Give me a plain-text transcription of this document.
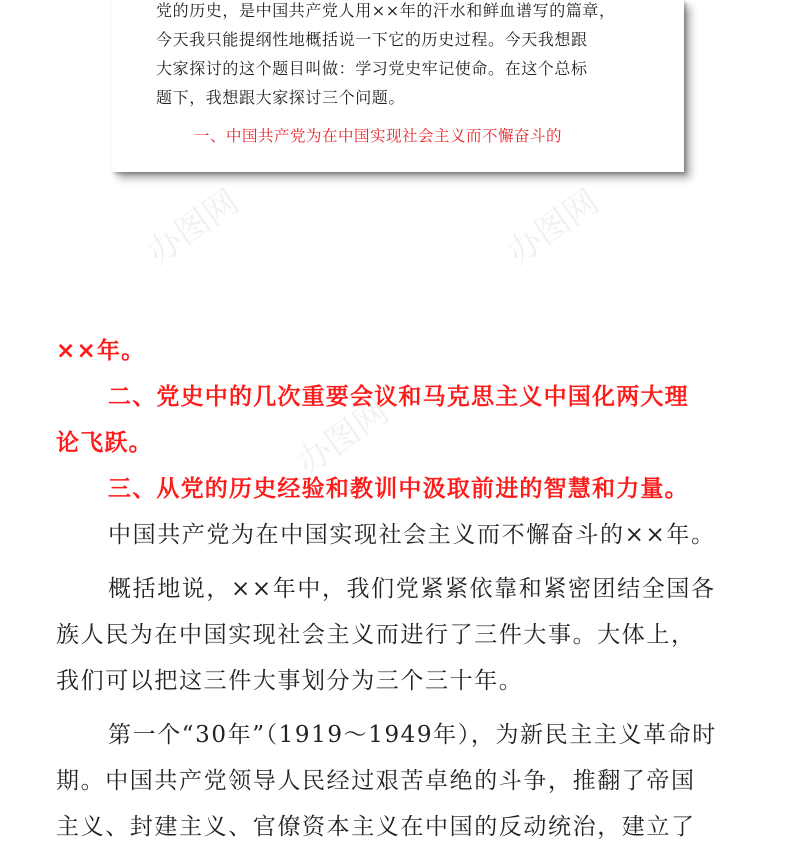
党的历史，是中国共产党人用××年的汗水和鲜血谱写的篇章，
今天我只能提纲性地概括说一下它的历史过程。今天我想跟
大家探讨的这个题目叫做：学习党史牢记使命。在这个总标
题下，我想跟大家探讨三个问题。
一、中国共产党为在中国实现社会主义而不懈奋斗的
办图网	办图网
办图网
××年。
二、党史中的几次重要会议和马克思主义中国化两大理
论飞跃。
三、从党的历史经验和教训中汲取前进的智慧和力量。
中国共产党为在中国实现社会主义而不懈奋斗的××年。
概括地说，××年中，我们党紧紧依靠和紧密团结全国各
族人民为在中国实现社会主义而进行了三件大事。大体上，
我们可以把这三件大事划分为三个三十年。
第一个“30年”（1919～1949年），为新民主主义革命时
期。中国共产党领导人民经过艰苦卓绝的斗争，推翻了帝国
主义、封建主义、官僚资本主义在中国的反动统治，建立了
